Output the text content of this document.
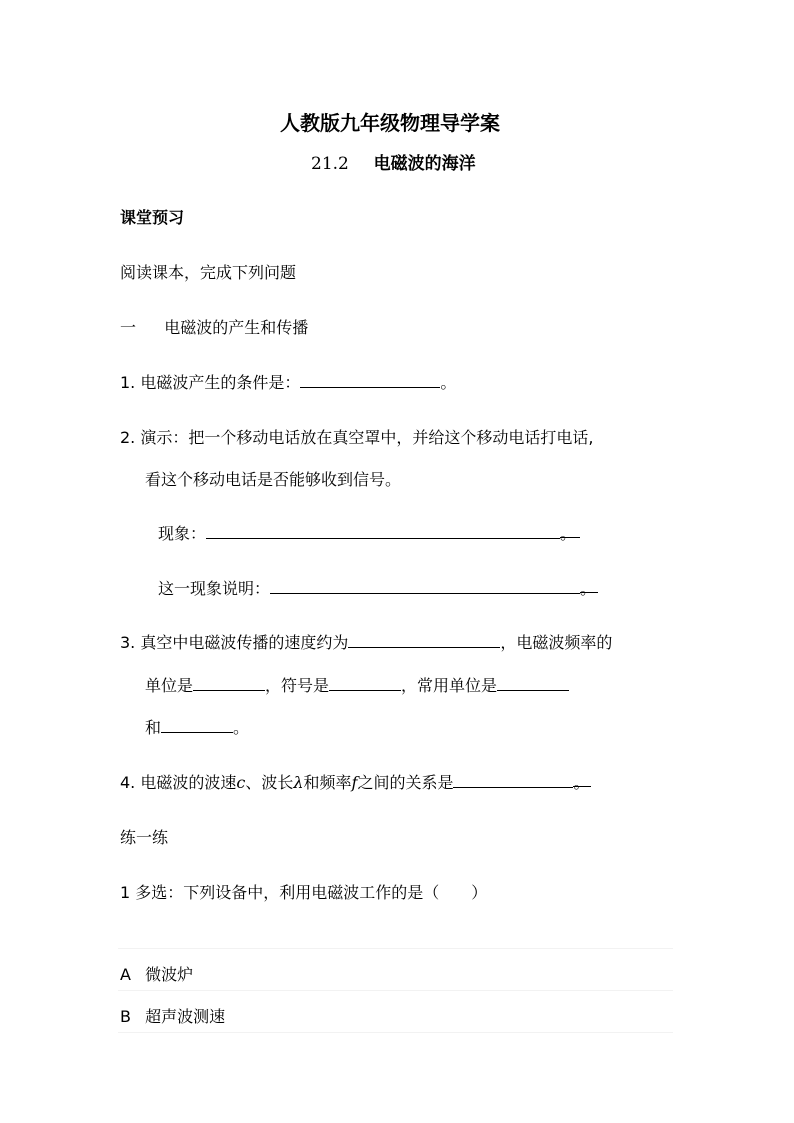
人教版九年级物理导学案
21.2 电磁波的海洋
课堂预习
阅读课本，完成下列问题
一 电磁波的产生和传播
1. 电磁波产生的条件是：	。
2. 演示：把一个移动电话放在真空罩中，并给这个移动电话打电话,
看这个移动电话是否能够收到信号。
现象：	。
这一现象说明：	。
3. 真空中电磁波传播的速度约为	，电磁波频率的
单位是	，符号是	，常用单位是
和	。
4. 电磁波的波速c、波长λ和频率f之间的关系是	。
练一练
1 多选：下列设备中，利用电磁波工作的是（　　）
A 微波炉
B 超声波测速
